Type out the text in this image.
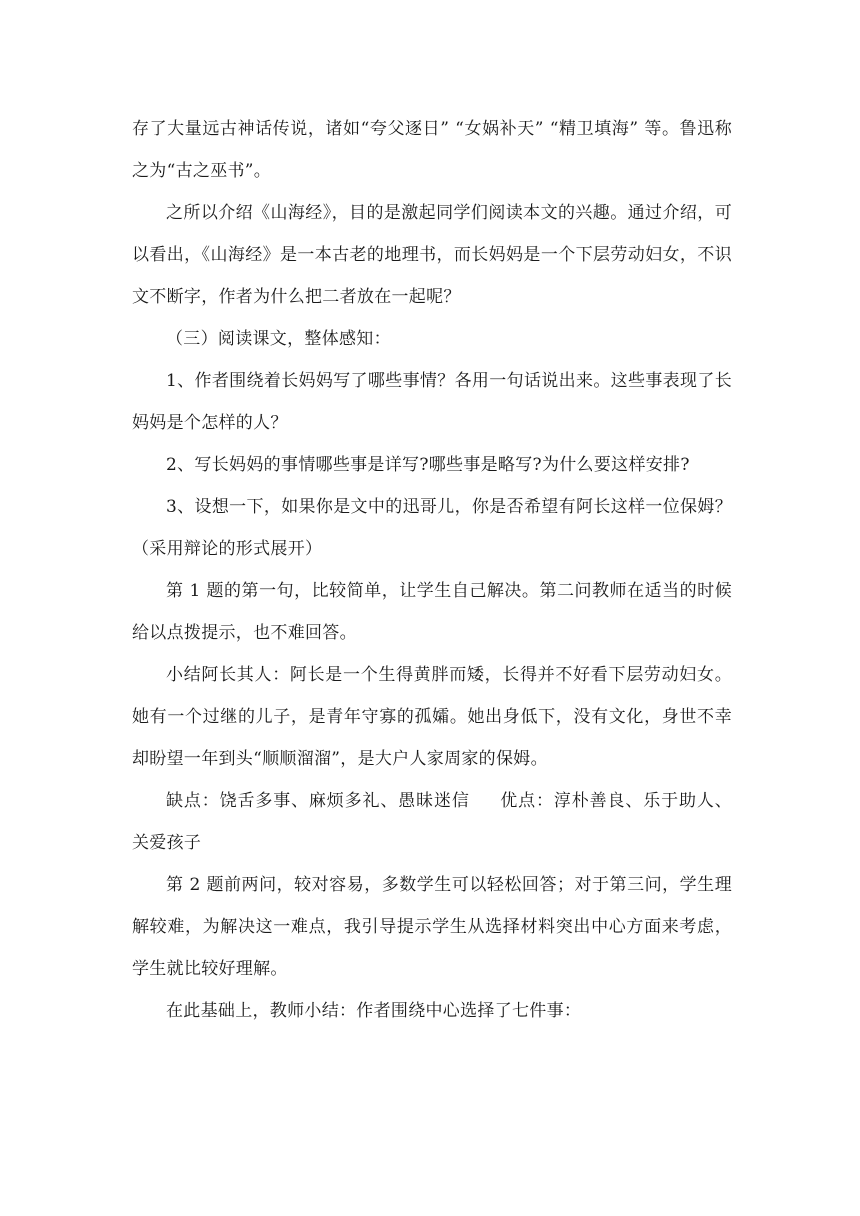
存了大量远古神话传说，诸如“夸父逐日” “女娲补天” “精卫填海” 等。鲁迅称之为“古之巫书”。

之所以介绍《山海经》，目的是激起同学们阅读本文的兴趣。通过介绍，可以看出，《山海经》是一本古老的地理书，而长妈妈是一个下层劳动妇女，不识文不断字，作者为什么把二者放在一起呢？

（三）阅读课文，整体感知：

1、作者围绕着长妈妈写了哪些事情？各用一句话说出来。这些事表现了长妈妈是个怎样的人？

2、写长妈妈的事情哪些事是详写?哪些事是略写?为什么要这样安排?

3、设想一下，如果你是文中的迅哥儿，你是否希望有阿长这样一位保姆？（采用辩论的形式展开）

第 1 题的第一句，比较简单，让学生自己解决。第二问教师在适当的时候给以点拨提示，也不难回答。

小结阿长其人：阿长是一个生得黄胖而矮，长得并不好看下层劳动妇女。她有一个过继的儿子，是青年守寡的孤孀。她出身低下，没有文化，身世不幸却盼望一年到头“顺顺溜溜”，是大户人家周家的保姆。

缺点：饶舌多事、麻烦多礼、愚昧迷信 优点：淳朴善良、乐于助人、关爱孩子

第 2 题前两问，较对容易，多数学生可以轻松回答；对于第三问，学生理解较难，为解决这一难点，我引导提示学生从选择材料突出中心方面来考虑，学生就比较好理解。

在此基础上，教师小结：作者围绕中心选择了七件事：
